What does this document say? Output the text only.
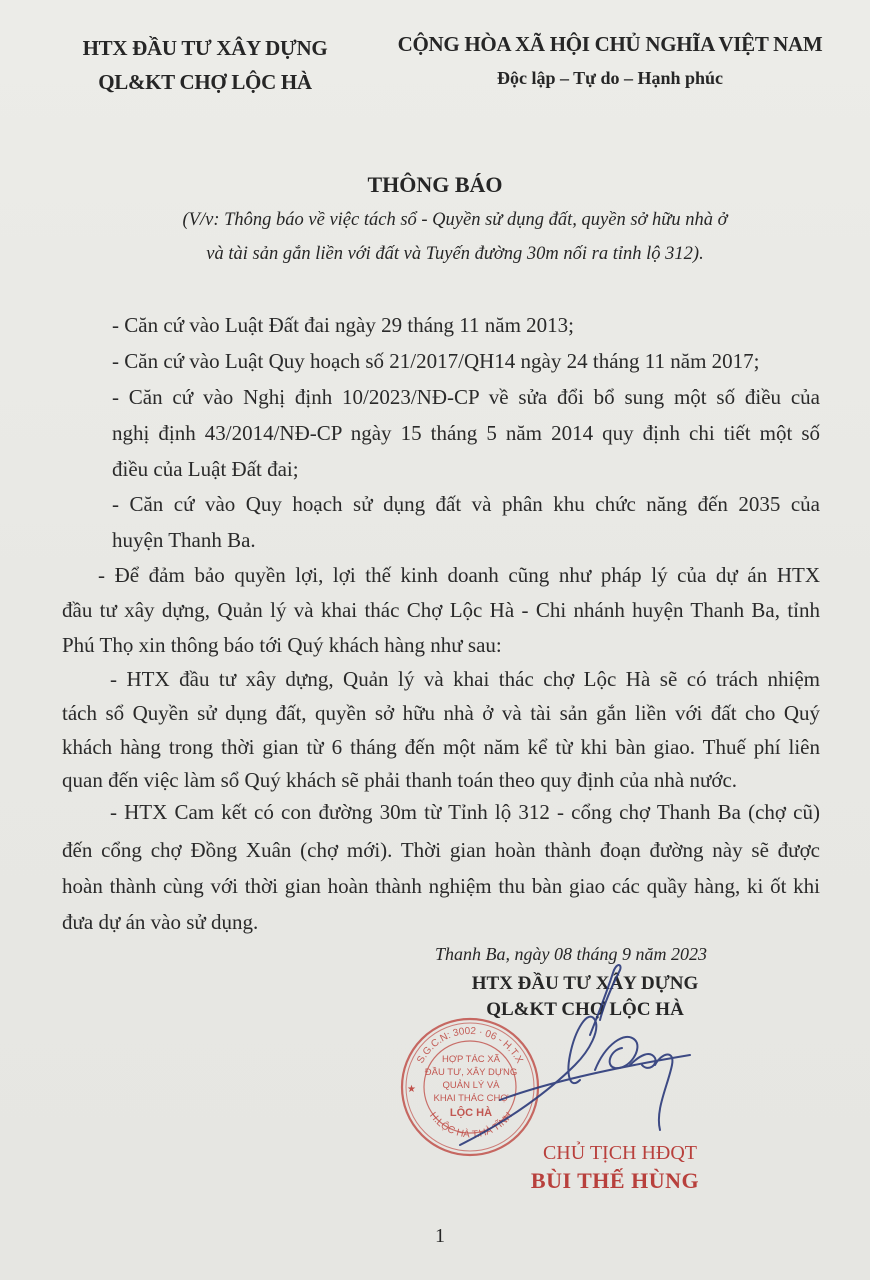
HTX ĐẦU TƯ XÂY DỰNG
QL&KT CHỢ LỘC HÀ
CỘNG HÒA XÃ HỘI CHỦ NGHĨA VIỆT NAM
Độc lập – Tự do – Hạnh phúc
THÔNG BÁO
(V/v: Thông báo về việc tách sổ - Quyền sử dụng đất, quyền sở hữu nhà ở
và tài sản gắn liền với đất và Tuyến đường 30m nối ra tỉnh lộ 312).
- Căn cứ vào Luật Đất đai ngày 29 tháng 11 năm 2013;
- Căn cứ vào Luật Quy hoạch số 21/2017/QH14 ngày 24 tháng 11 năm 2017;
- Căn cứ vào Nghị định 10/2023/NĐ-CP về sửa đổi bổ sung một số điều của
nghị định 43/2014/NĐ-CP ngày 15 tháng 5 năm 2014 quy định chi tiết một số
điều của Luật Đất đai;
- Căn cứ vào Quy hoạch sử dụng đất và phân khu chức năng đến 2035 của
huyện Thanh Ba.
- Để đảm bảo quyền lợi, lợi thế kinh doanh cũng như pháp lý của dự án HTX
đầu tư xây dựng, Quản lý và khai thác Chợ Lộc Hà - Chi nhánh huyện Thanh Ba, tỉnh
Phú Thọ xin thông báo tới Quý khách hàng như sau:
- HTX đầu tư xây dựng, Quản lý và khai thác chợ Lộc Hà sẽ có trách nhiệm
tách sổ Quyền sử dụng đất, quyền sở hữu nhà ở và tài sản gắn liền với đất cho Quý
khách hàng trong thời gian từ 6 tháng đến một năm kể từ khi bàn giao. Thuế phí liên
quan đến việc làm sổ Quý khách sẽ phải thanh toán theo quy định của nhà nước.
- HTX Cam kết có con đường 30m từ Tỉnh lộ 312 - cổng chợ Thanh Ba (chợ cũ)
đến cổng chợ Đồng Xuân (chợ mới). Thời gian hoàn thành đoạn đường này sẽ được
hoàn thành cùng với thời gian hoàn thành nghiệm thu bàn giao các quầy hàng, ki ốt khi
đưa dự án vào sử dụng.
Thanh Ba, ngày 08 tháng 9 năm 2023
HTX ĐẦU TƯ XÂY DỰNG
QL&KT CHỢ LỘC HÀ
S.G.C.N: 3002 · 06 - H.T.X
H.LỘC HÀ T.HÀ TĨNH
★
HỢP TÁC XÃ
ĐẦU TƯ, XÂY DỰNG
QUẢN LÝ VÀ
KHAI THÁC CHỢ
LỘC HÀ
CHỦ TỊCH HĐQT
BÙI THẾ HÙNG
1
